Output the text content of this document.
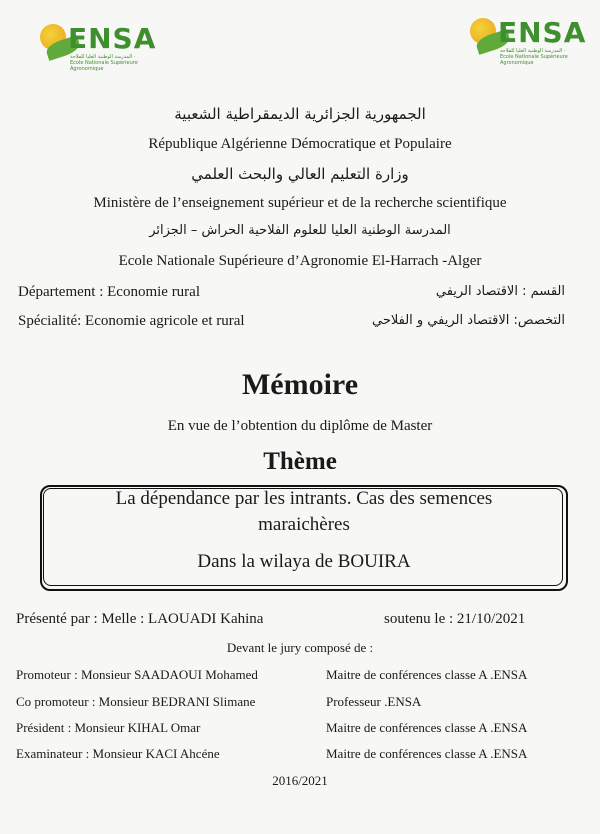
ENSA
المدرسة الوطنية العليا للفلاحة · Ecole Nationale Supérieure Agronomique
ENSA
المدرسة الوطنية العليا للفلاحة · Ecole Nationale Supérieure Agronomique
الجمهورية الجزائرية الديمقراطية الشعبية
République Algérienne Démocratique et Populaire
وزارة التعليم العالي والبحث العلمي
Ministère de l’enseignement supérieur et de la recherche scientifique
المدرسة الوطنية العليا للعلوم الفلاحية الحراش – الجزائر
Ecole Nationale Supérieure d’Agronomie El-Harrach -Alger
Département : Economie rural	القسم : الاقتصاد الريفي
Spécialité: Economie agricole et rural	التخصص: الاقتصاد الريفي و الفلاحي
Mémoire
En vue de l’obtention du diplôme de Master
Thème
La dépendance par les intrants. Cas des semences
maraichères
Dans la wilaya de BOUIRA
Présenté par : Melle : LAOUADI Kahina	soutenu le : 21/10/2021
Devant le jury composé de :
Promoteur : Monsieur SAADAOUI Mohamed	Maitre de conférences classe A .ENSA
Co promoteur : Monsieur BEDRANI Slimane	Professeur .ENSA
Président : Monsieur KIHAL Omar	Maitre de conférences classe A .ENSA
Examinateur : Monsieur KACI Ahcéne	Maitre de conférences classe A .ENSA
2016/2021
